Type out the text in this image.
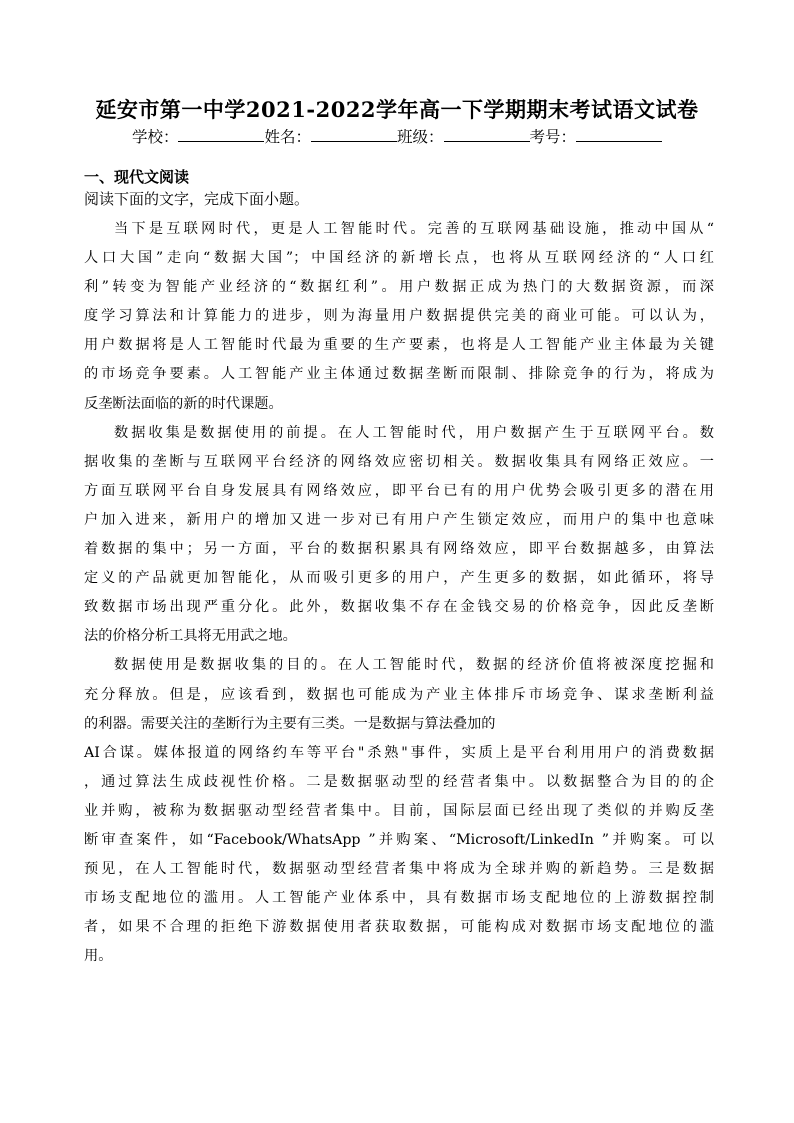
延安市第一中学2021-2022学年高一下学期期末考试语文试卷
学校：	姓名：	班级：	考号：
一、现代文阅读
阅读下面的文字，完成下面小题。
当下是互联网时代，更是人工智能时代。完善的互联网基础设施，推动中国从“
人口大国”走向“数据大国”；中国经济的新增长点，也将从互联网经济的“人口红
利”转变为智能产业经济的“数据红利”。用户数据正成为热门的大数据资源，而深
度学习算法和计算能力的进步，则为海量用户数据提供完美的商业可能。可以认为，
用户数据将是人工智能时代最为重要的生产要素，也将是人工智能产业主体最为关键
的市场竞争要素。人工智能产业主体通过数据垄断而限制、排除竞争的行为，将成为
反垄断法面临的新的时代课题。
数据收集是数据使用的前提。在人工智能时代，用户数据产生于互联网平台。数
据收集的垄断与互联网平台经济的网络效应密切相关。数据收集具有网络正效应。一
方面互联网平台自身发展具有网络效应，即平台已有的用户优势会吸引更多的潜在用
户加入进来，新用户的增加又进一步对已有用户产生锁定效应，而用户的集中也意味
着数据的集中；另一方面，平台的数据积累具有网络效应，即平台数据越多，由算法
定义的产品就更加智能化，从而吸引更多的用户，产生更多的数据，如此循环，将导
致数据市场出现严重分化。此外，数据收集不存在金钱交易的价格竞争，因此反垄断
法的价格分析工具将无用武之地。
数据使用是数据收集的目的。在人工智能时代，数据的经济价值将被深度挖掘和
充分释放。但是，应该看到，数据也可能成为产业主体排斥市场竞争、谋求垄断利益
的利器。需要关注的垄断行为主要有三类。一是数据与算法叠加的
AI合谋。媒体报道的网络约车等平台"杀熟"事件，实质上是平台利用用户的消费数据
，通过算法生成歧视性价格。二是数据驱动型的经营者集中。以数据整合为目的的企
业并购，被称为数据驱动型经营者集中。目前，国际层面已经出现了类似的并购反垄
断审查案件，如“Facebook/WhatsApp ”并购案、“Microsoft/LinkedIn ”并购案。可以
预见，在人工智能时代，数据驱动型经营者集中将成为全球并购的新趋势。三是数据
市场支配地位的滥用。人工智能产业体系中，具有数据市场支配地位的上游数据控制
者，如果不合理的拒绝下游数据使用者获取数据，可能构成对数据市场支配地位的滥
用。
